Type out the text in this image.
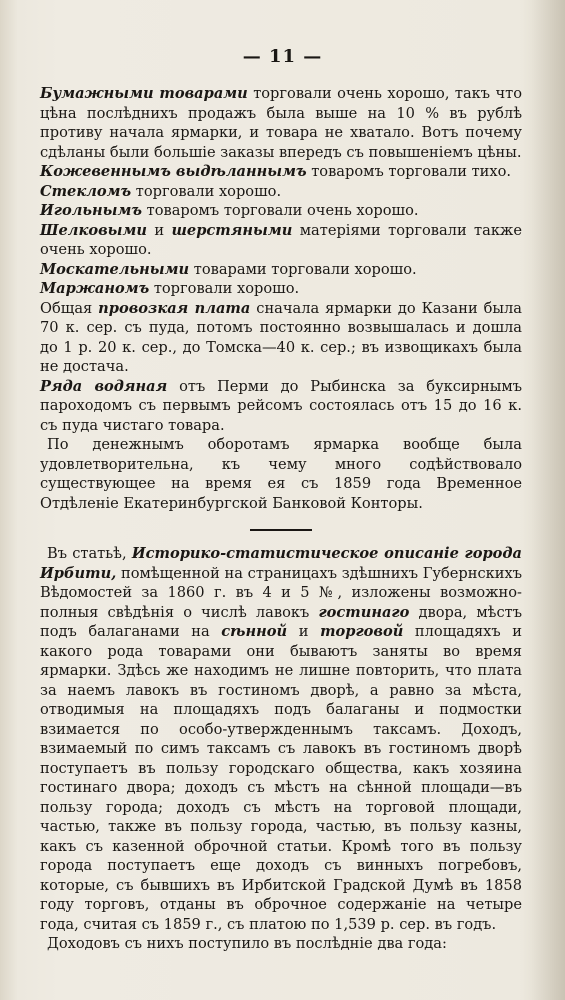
— 11 —

Бумажными товарами торговали очень хорошо, такъ что цѣна послѣднихъ продажъ была выше на 10 % въ рублѣ противу начала ярмарки, и товара не хватало. Вотъ почему сдѣланы были большіе заказы впередъ съ повышеніемъ цѣны.

Кожевеннымъ выдѣланнымъ товаромъ торговали тихо.

Стекломъ торговали хорошо.

Игольнымъ товаромъ торговали очень хорошо.

Шелковыми и шерстяными матеріями торговали также очень хорошо.

Москательными товарами торговали хорошо.

Маржаномъ торговали хорошо.

Общая провозкая плата сначала ярмарки до Казани была 70 к. сер. съ пуда, потомъ постоянно возвышалась и дошла до 1 р. 20 к. сер., до Томска—40 к. сер.; въ извощикахъ была не достача.

Ряда водяная отъ Перми до Рыбинска за буксирнымъ пароходомъ съ первымъ рейсомъ состоялась отъ 15 до 16 к. съ пуда чистаго товара.

По денежнымъ оборотамъ ярмарка вообще была удовлетворительна, къ чему много содѣйствовало существующее на время ея съ 1859 года Временное Отдѣленіе Екатеринбургской Банковой Конторы.

Въ статьѣ, Историко-статистическое описаніе города Ирбити, помѣщенной на страницахъ здѣшнихъ Губернскихъ Вѣдомостей за 1860 г. въ 4 и 5 №, изложены возможно-полныя свѣдѣнія о числѣ лавокъ гостинаго двора, мѣстъ подъ балаганами на сѣнной и торговой площадяхъ и какого рода товарами они бываютъ заняты во время ярмарки. Здѣсь же находимъ не лишне повторить, что плата за наемъ лавокъ въ гостиномъ дворѣ, а равно за мѣста, отводимыя на площадяхъ подъ балаганы и подмостки взимается по особо-утвержденнымъ таксамъ. Доходъ, взимаемый по симъ таксамъ съ лавокъ въ гостиномъ дворѣ поступаетъ въ пользу городскаго общества, какъ хозяина гостинаго двора; доходъ съ мѣстъ на сѣнной площади—въ пользу города; доходъ съ мѣстъ на торговой площади, частью, также въ пользу города, частью, въ пользу казны, какъ съ казенной оброчной статьи. Кромѣ того въ пользу города поступаетъ еще доходъ съ винныхъ погребовъ, которые, съ бывшихъ въ Ирбитской Градской Думѣ въ 1858 году торговъ, отданы въ оброчное содержаніе на четыре года, считая съ 1859 г., съ платою по 1,539 р. сер. въ годъ.

Доходовъ съ нихъ поступило въ послѣдніе два года:
